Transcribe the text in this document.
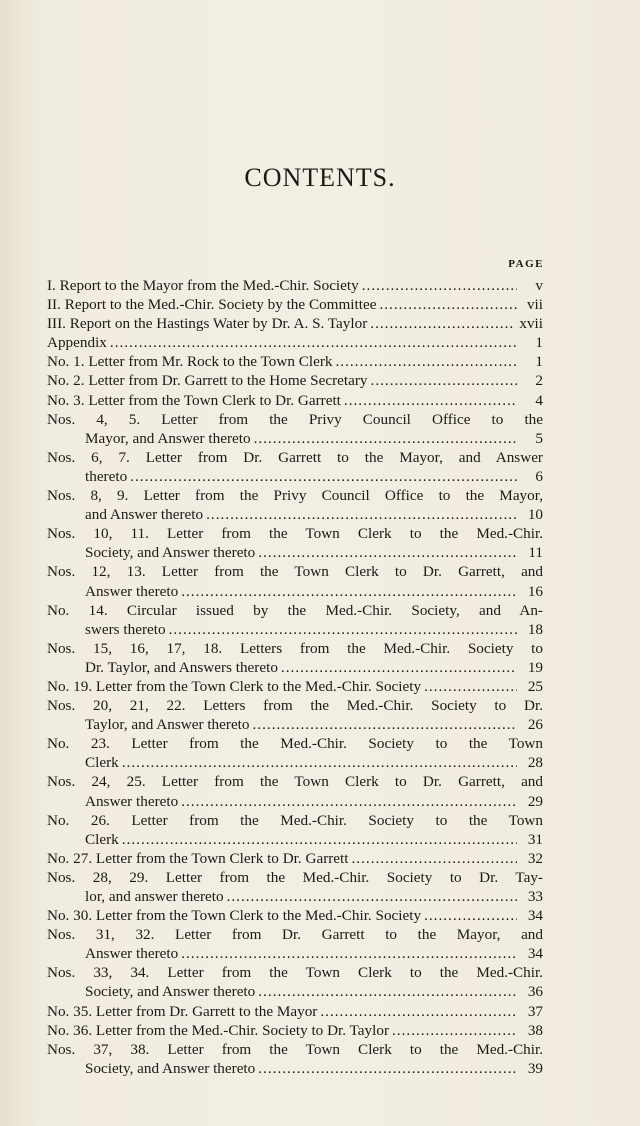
CONTENTS.
PAGE
I. Report to the Mayor from the Med.-Chir. Society .....	v
II. Report to the Med.-Chir. Society by the Committee .....	vii
III. Report on the Hastings Water by Dr. A. S. Taylor .....	xvii
Appendix .....	1
No. 1. Letter from Mr. Rock to the Town Clerk .....	1
No. 2. Letter from Dr. Garrett to the Home Secretary .....	2
No. 3. Letter from the Town Clerk to Dr. Garrett .....	4
Nos. 4, 5. Letter from the Privy Council Office to the
Mayor, and Answer thereto .....	5
Nos. 6, 7. Letter from Dr. Garrett to the Mayor, and Answer
thereto .....	6
Nos. 8, 9. Letter from the Privy Council Office to the Mayor,
and Answer thereto .....	10
Nos. 10, 11. Letter from the Town Clerk to the Med.-Chir.
Society, and Answer thereto .....	11
Nos. 12, 13. Letter from the Town Clerk to Dr. Garrett, and
Answer thereto .....	16
No. 14. Circular issued by the Med.-Chir. Society, and An-
swers thereto .....	18
Nos. 15, 16, 17, 18. Letters from the Med.-Chir. Society to
Dr. Taylor, and Answers thereto .....	19
No. 19. Letter from the Town Clerk to the Med.-Chir. Society .....	25
Nos. 20, 21, 22. Letters from the Med.-Chir. Society to Dr.
Taylor, and Answer thereto .....	26
No. 23. Letter from the Med.-Chir. Society to the Town
Clerk .....	28
Nos. 24, 25. Letter from the Town Clerk to Dr. Garrett, and
Answer thereto .....	29
No. 26. Letter from the Med.-Chir. Society to the Town
Clerk .....	31
No. 27. Letter from the Town Clerk to Dr. Garrett .....	32
Nos. 28, 29. Letter from the Med.-Chir. Society to Dr. Tay-
lor, and answer thereto .....	33
No. 30. Letter from the Town Clerk to the Med.-Chir. Society .....	34
Nos. 31, 32. Letter from Dr. Garrett to the Mayor, and
Answer thereto .....	34
Nos. 33, 34. Letter from the Town Clerk to the Med.-Chir.
Society, and Answer thereto .....	36
No. 35. Letter from Dr. Garrett to the Mayor .....	37
No. 36. Letter from the Med.-Chir. Society to Dr. Taylor .....	38
Nos. 37, 38. Letter from the Town Clerk to the Med.-Chir.
Society, and Answer thereto .....	39
